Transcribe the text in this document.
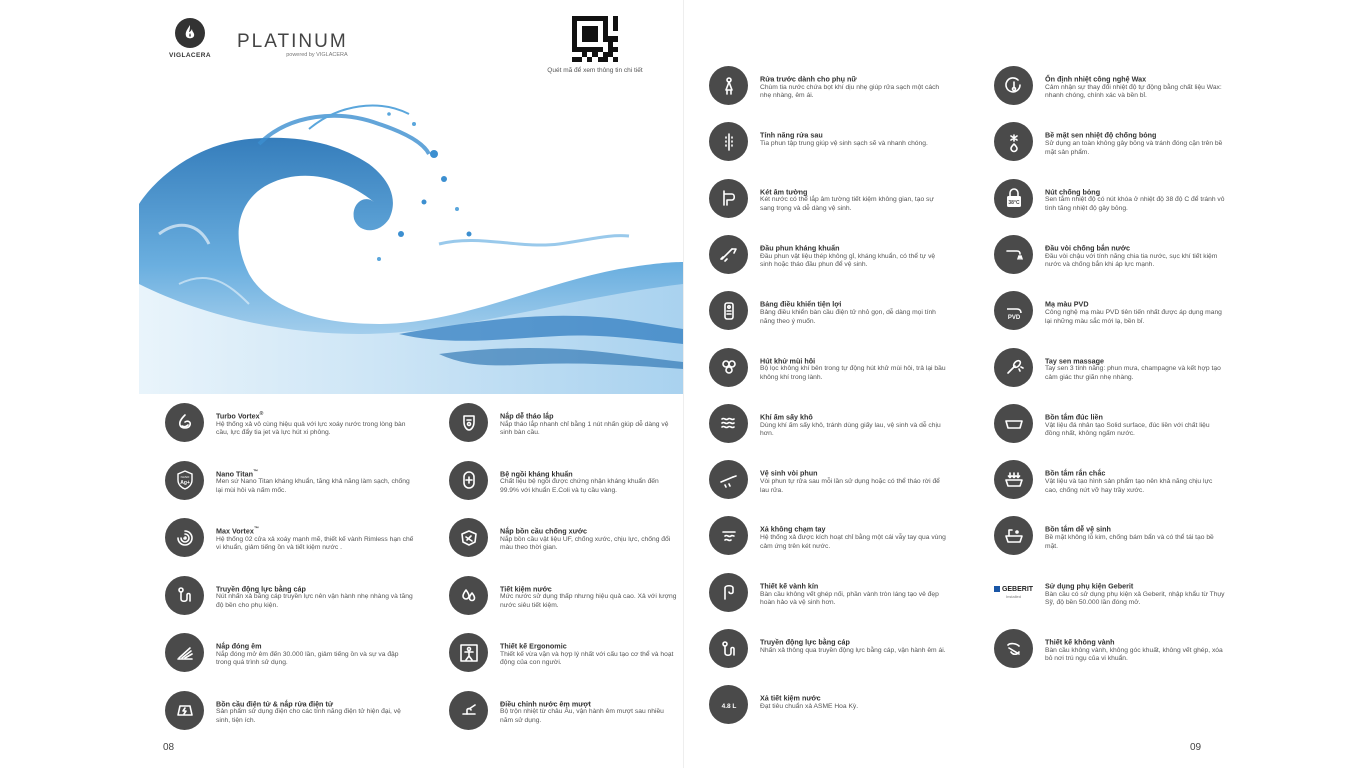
VIGLACERA
PLATINUM
powered by VIGLACERA
Quét mã để xem thông tin chi tiết
Turbo Vortex®
Hệ thống xả vô cùng hiệu quả với lực xoáy nước trong lòng bàn cầu, lực đẩy tia jet và lực hút xi phông.
Ag+
NANO	Nano Titan™
Men sứ Nano Titan kháng khuẩn, tăng khả năng làm sạch, chống lại mùi hôi và nấm mốc.
Max Vortex™
Hệ thống 02 cửa xả xoáy mạnh mẽ, thiết kế vành Rimless hạn chế vi khuẩn, giảm tiếng ồn và tiết kiệm nước .
Truyền động lực bằng cáp
Nút nhấn xả bằng cáp truyền lực nên vận hành nhẹ nhàng và tăng độ bền cho phụ kiện.
Nắp đóng êm
Nắp đóng mở êm đến 30.000 lần, giảm tiếng ồn và sự va đập trong quá trình sử dụng.
Bồn cầu điện tử & nắp rửa điện tử
Sản phẩm sử dụng điện cho các tính năng điện tử hiện đại, vệ sinh, tiện ích.
Nắp dễ tháo lắp
Nắp tháo lắp nhanh chỉ bằng 1 nút nhấn giúp dễ dàng vệ sinh bàn cầu.
Bệ ngồi kháng khuẩn
Chất liệu bệ ngồi được chứng nhận kháng khuẩn đến 99.9% với khuẩn E.Coli và tụ cầu vàng.
Nắp bồn cầu chống xước
Nắp bồn cầu vật liệu UF, chống xước, chịu lực, chống đổi màu theo thời gian.
Tiết kiệm nước
Mức nước sử dụng thấp nhưng hiệu quả cao. Xả với lượng nước siêu tiết kiệm.
Thiết kế Ergonomic
Thiết kế vừa vặn và hợp lý nhất với cấu tạo cơ thể và hoạt động của con người.
Điều chỉnh nước êm mượt
Bộ trộn nhiệt từ châu Âu, vận hành êm mượt sau nhiều năm sử dụng.
08
Rửa trước dành cho phụ nữ
Chùm tia nước chứa bọt khí dịu nhẹ giúp rửa sạch một cách nhẹ nhàng, êm ái.
Tính năng rửa sau
Tia phun tập trung giúp vệ sinh sạch sẽ và nhanh chóng.
Két âm tường
Két nước có thể lắp âm tường tiết kiệm không gian, tạo sự sang trọng và dễ dàng vệ sinh.
Đầu phun kháng khuẩn
Đầu phun vật liệu thép không gỉ, kháng khuẩn, có thể tự vệ sinh hoặc tháo đầu phun để vệ sinh.
Bảng điều khiển tiện lợi
Bảng điều khiển bàn cầu điện tử nhỏ gọn, dễ dàng mọi tính năng theo ý muốn.
Hút khử mùi hôi
Bộ lọc không khí bên trong tự động hút khử mùi hôi, trả lại bầu không khí trong lành.
Khí ấm sấy khô
Dùng khí ấm sấy khô, tránh dùng giấy lau, vệ sinh và dễ chịu hơn.
Vệ sinh vòi phun
Vòi phun tự rửa sau mỗi lần sử dụng hoặc có thể tháo rời để lau rửa.
Xả không chạm tay
Hệ thống xả được kích hoạt chỉ bằng một cái vẫy tay qua vùng cảm ứng trên két nước.
Thiết kế vành kín
Bàn cầu không vết ghép nối, phần vành tròn láng tạo vẻ đẹp hoàn hảo và vệ sinh hơn.
Truyền động lực bằng cáp
Nhấn xả thông qua truyền động lực bằng cáp, vận hành êm ái.
4.8 L
Xả tiết kiệm nước
Đạt tiêu chuẩn xả ASME Hoa Kỳ.
Ổn định nhiệt công nghệ Wax
Cảm nhận sự thay đổi nhiệt độ tự động bằng chất liệu Wax: nhanh chóng, chính xác và bền bỉ.
Bề mặt sen nhiệt độ chống bỏng
Sử dụng an toàn không gây bỏng và tránh đóng cặn trên bề mặt sản phẩm.
38°C
Nút chống bỏng
Sen tắm nhiệt độ có nút khóa ở nhiệt độ 38 độ C để tránh vô tình tăng nhiệt độ gây bỏng.
Đầu vòi chống bắn nước
Đầu vòi chậu với tính năng chia tia nước, sục khí tiết kiệm nước và chống bắn khi áp lực mạnh.
PVD
Mạ màu PVD
Công nghệ mạ màu PVD tiên tiến nhất được áp dụng mang lại những màu sắc mới lạ, bền bỉ.
Tay sen massage
Tay sen 3 tính năng: phun mưa, champagne và kết hợp tạo cảm giác thư giãn nhẹ nhàng.
Bồn tắm đúc liền
Vật liệu đá nhân tạo Solid surface, đúc liền với chất liệu đồng nhất, không ngấm nước.
Bồn tắm rắn chắc
Vật liệu và tạo hình sản phẩm tạo nên khả năng chịu lực cao, chống nứt vỡ hay trầy xước.
Bồn tắm dễ vệ sinh
Bề mặt không lỗ kim, chống bám bẩn và có thể tái tạo bề mặt.
GEBERIT
Installed
Sử dụng phụ kiện Geberit
Bàn cầu có sử dụng phụ kiện xả Geberit, nhập khẩu từ Thụy Sỹ, độ bền 50.000 lần đóng mở.
Thiết kế không vành
Bàn cầu không vành, không góc khuất, không vết ghép, xóa bỏ nơi trú ngụ của vi khuẩn.
09
